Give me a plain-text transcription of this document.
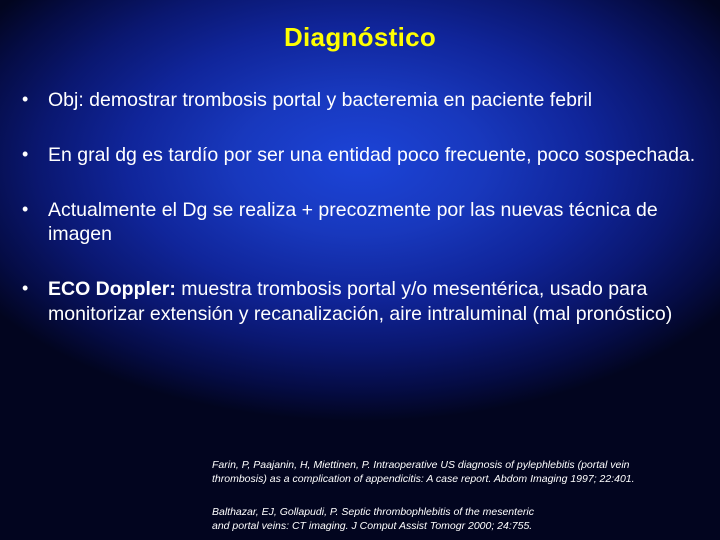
Diagnóstico
•	Obj: demostrar trombosis portal y bacteremia en paciente febril
•	En gral dg es tardío por ser una entidad poco frecuente, poco sospechada.
•	Actualmente el Dg se realiza + precozmente por las nuevas técnica de imagen
•	ECO Doppler: muestra trombosis portal y/o mesentérica, usado para monitorizar extensión y recanalización, aire intraluminal (mal pronóstico)
Farin, P, Paajanin, H, Miettinen, P. Intraoperative US diagnosis of pylephlebitis (portal vein
thrombosis) as a complication of appendicitis: A case report. Abdom Imaging 1997; 22:401.
Balthazar, EJ, Gollapudi, P. Septic thrombophlebitis of the mesenteric
and portal veins: CT imaging. J Comput Assist Tomogr 2000; 24:755.
